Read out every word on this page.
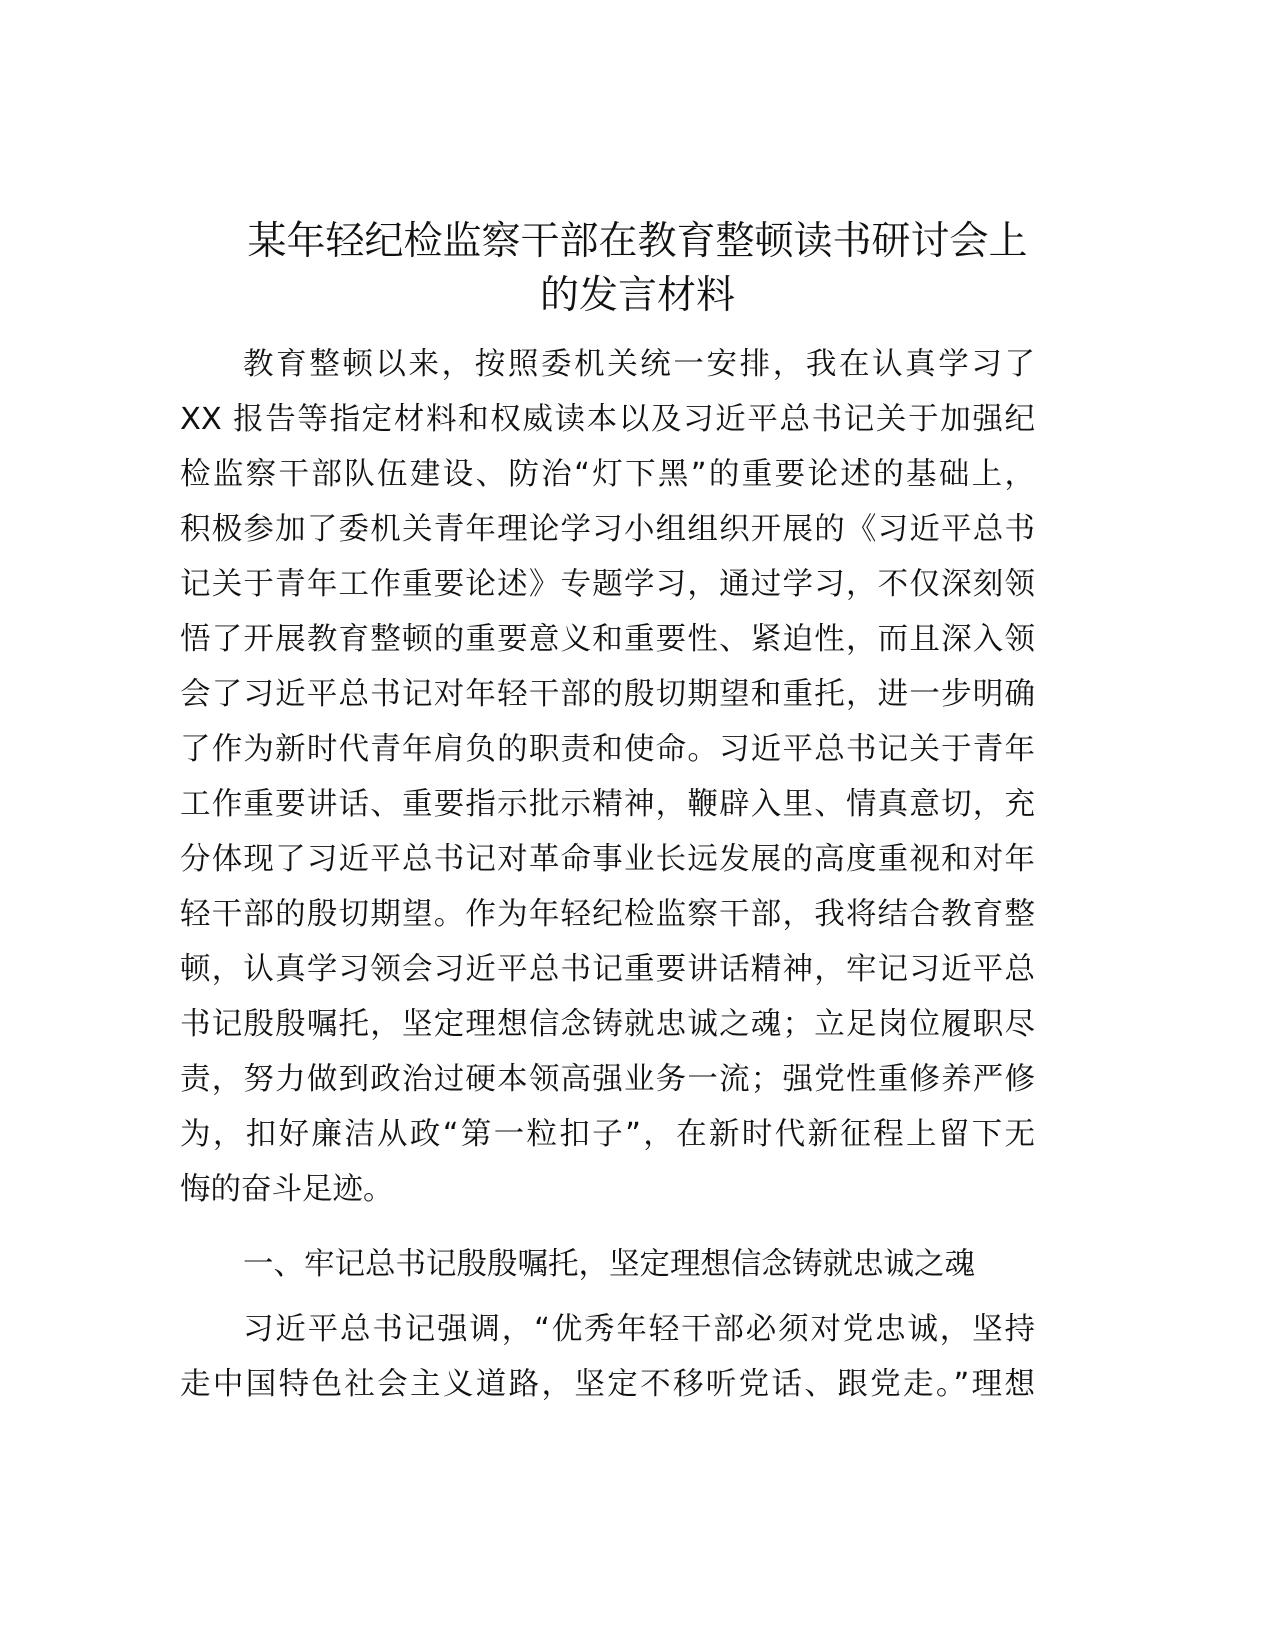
某年轻纪检监察干部在教育整顿读书研讨会上
的发言材料
教育整顿以来，按照委机关统一安排，我在认真学习了
XX 报告等指定材料和权威读本以及习近平总书记关于加强纪
检监察干部队伍建设、防治“灯下黑”的重要论述的基础上，
积极参加了委机关青年理论学习小组组织开展的《习近平总书
记关于青年工作重要论述》专题学习，通过学习，不仅深刻领
悟了开展教育整顿的重要意义和重要性、紧迫性，而且深入领
会了习近平总书记对年轻干部的殷切期望和重托，进一步明确
了作为新时代青年肩负的职责和使命。习近平总书记关于青年
工作重要讲话、重要指示批示精神，鞭辟入里、情真意切，充
分体现了习近平总书记对革命事业长远发展的高度重视和对年
轻干部的殷切期望。作为年轻纪检监察干部，我将结合教育整
顿，认真学习领会习近平总书记重要讲话精神，牢记习近平总
书记殷殷嘱托，坚定理想信念铸就忠诚之魂；立足岗位履职尽
责，努力做到政治过硬本领高强业务一流；强党性重修养严修
为，扣好廉洁从政“第一粒扣子”，在新时代新征程上留下无
悔的奋斗足迹。
一、牢记总书记殷殷嘱托，坚定理想信念铸就忠诚之魂
习近平总书记强调，“优秀年轻干部必须对党忠诚，坚持
走中国特色社会主义道路，坚定不移听党话、跟党走。”理想
